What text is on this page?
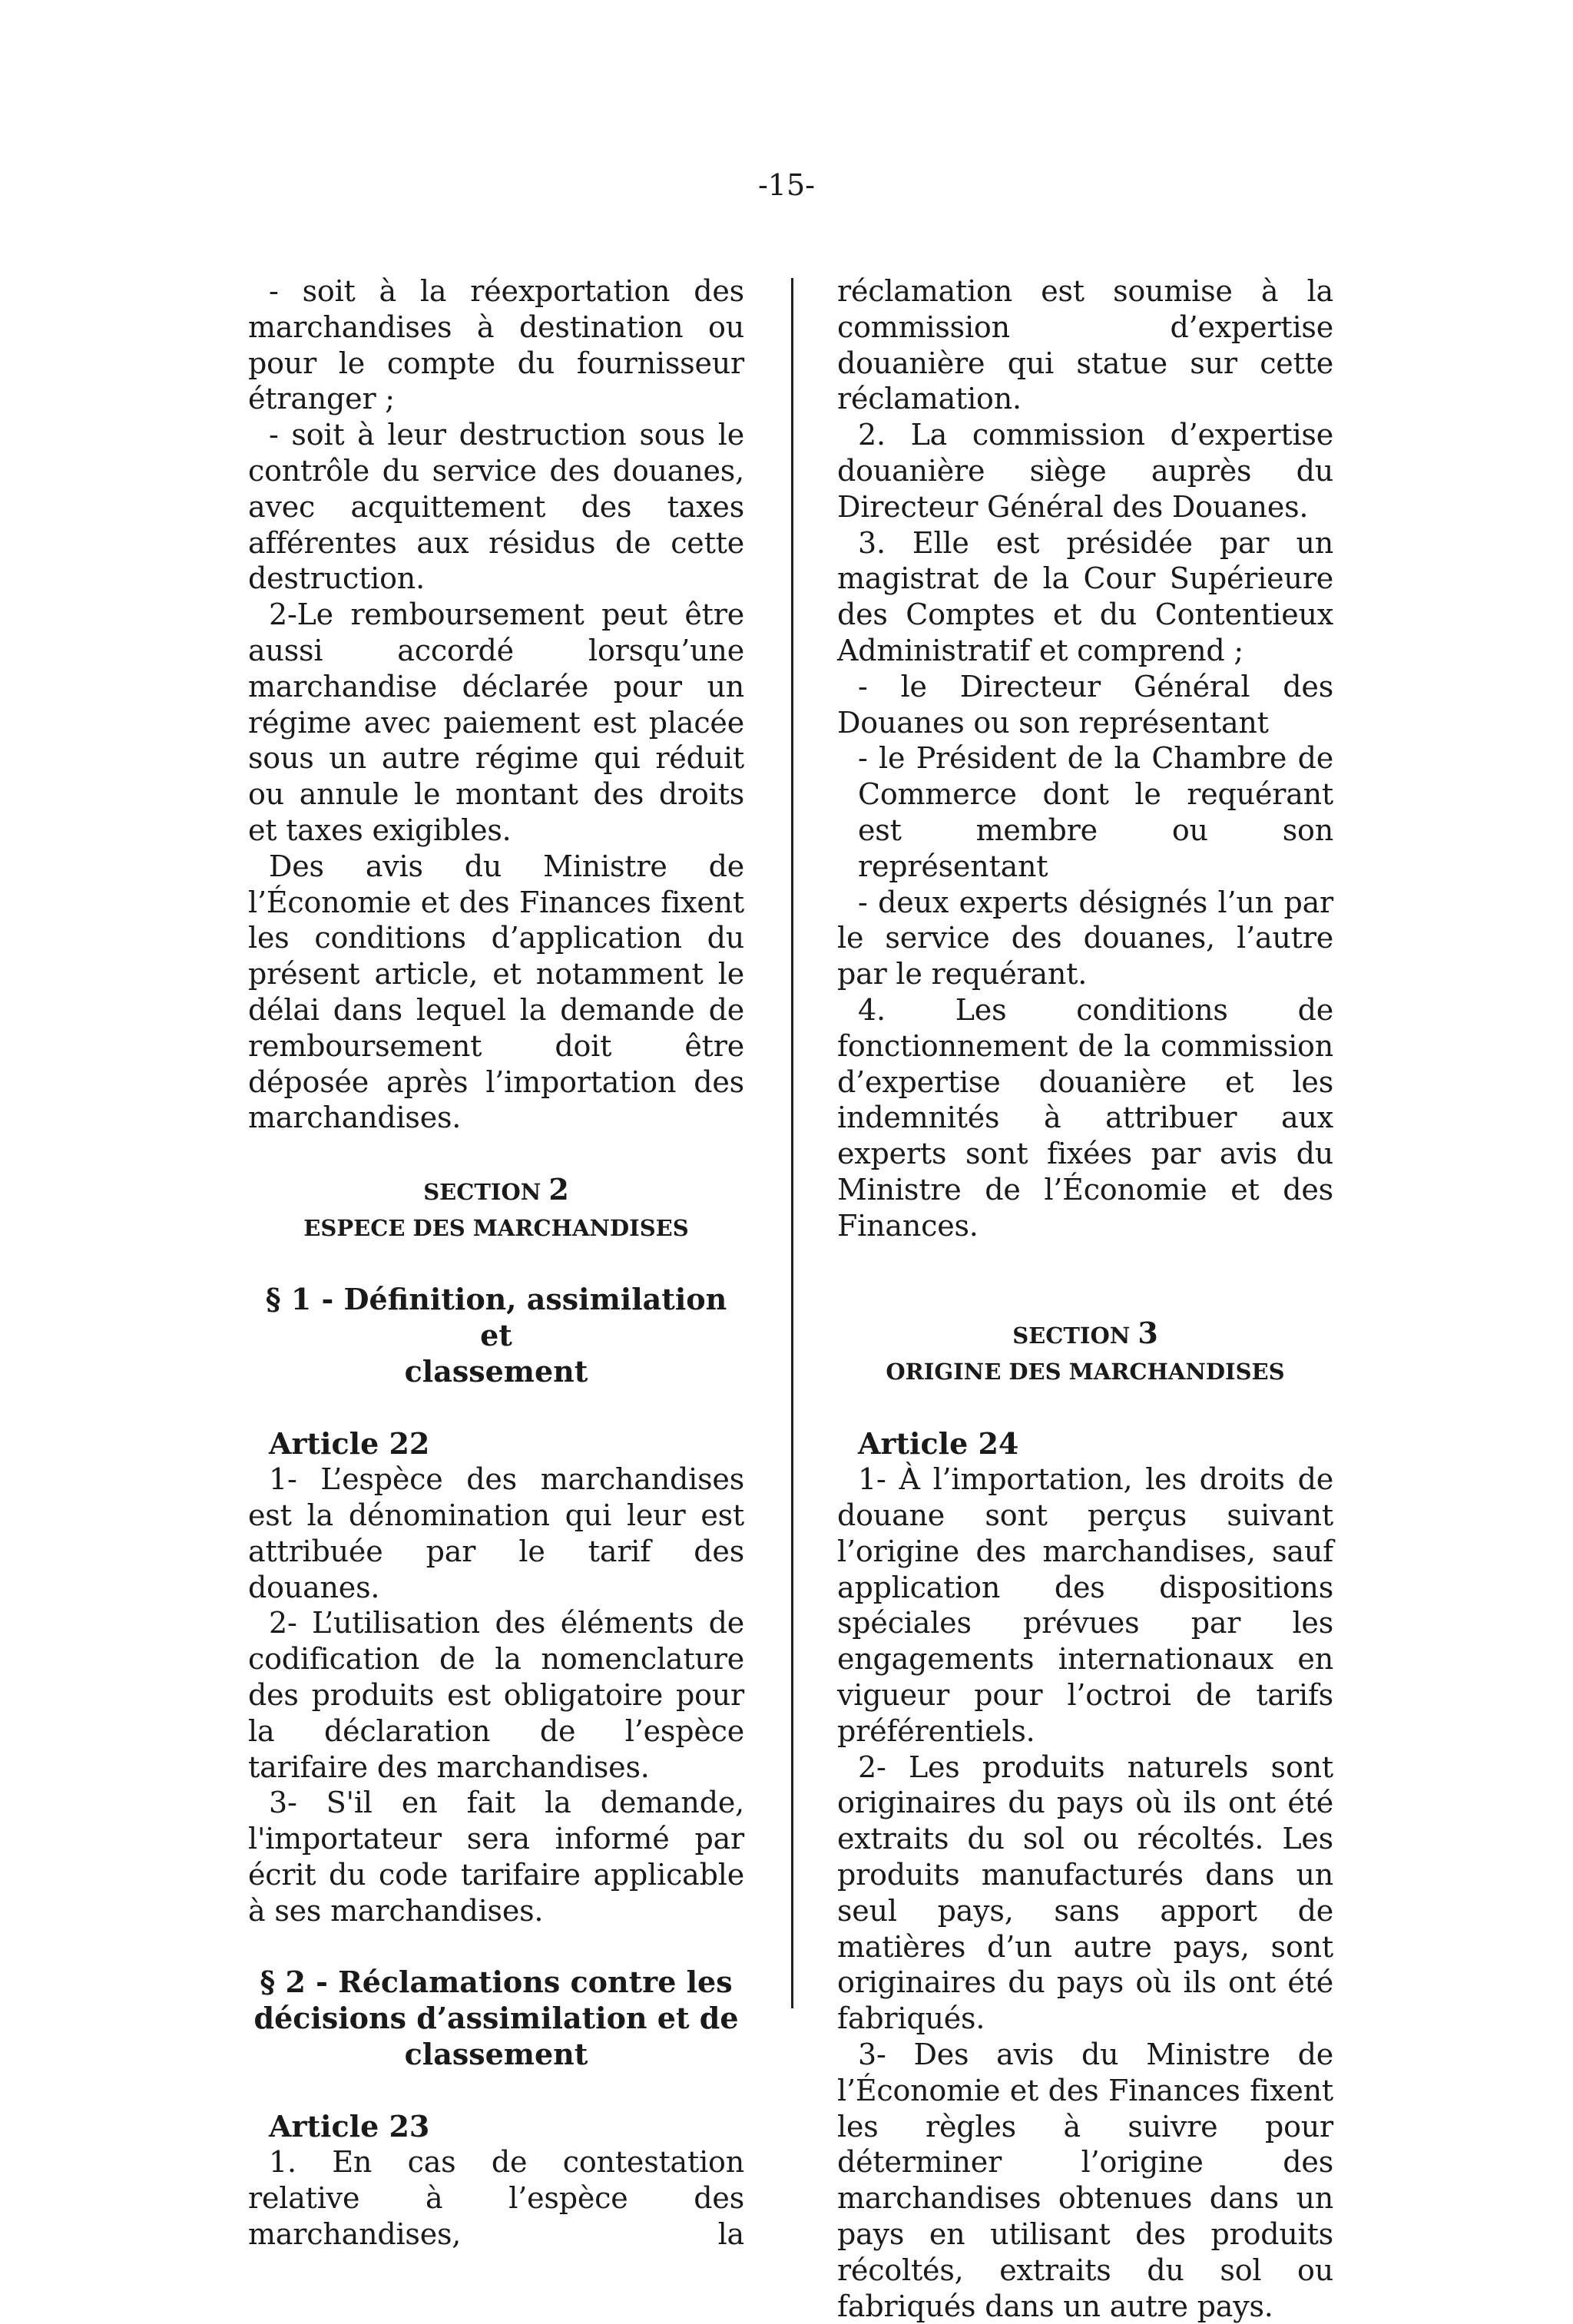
-15-

- soit à la réexportation des marchandises à destination ou pour le compte du fournisseur étranger ;

- soit à leur destruction sous le contrôle du service des douanes, avec acquittement des taxes afférentes aux résidus de cette destruction.

2-Le remboursement peut être aussi accordé lorsqu’une marchandise déclarée pour un régime avec paiement est placée sous un autre régime qui réduit ou annule le montant des droits et taxes exigibles.

Des avis du Ministre de l’Économie et des Finances fixent les conditions d’application du présent article, et notamment le délai dans lequel la demande de remboursement doit être déposée après l’importation des marchandises.

SECTION 2

ESPECE DES MARCHANDISES

§ 1 - Définition, assimilation et

classement

Article 22

1- L’espèce des marchandises est la dénomination qui leur est attribuée par le tarif des douanes.

2- L’utilisation des éléments de codification de la nomenclature des produits est obligatoire pour la déclaration de l’espèce tarifaire des marchandises.

3- S'il en fait la demande, l'importateur sera informé par écrit du code tarifaire applicable à ses marchandises.

§ 2 - Réclamations contre les

décisions d’assimilation et de

classement

Article 23

1. En cas de contestation relative à l’espèce des marchandises, la

réclamation est soumise à la commission d’expertise douanière qui statue sur cette réclamation.

2. La commission d’expertise douanière siège auprès du Directeur Général des Douanes.

3. Elle est présidée par un magistrat de la Cour Supérieure des Comptes et du Contentieux Administratif et comprend ;

- le Directeur Général des Douanes ou son représentant

- le Président de la Chambre de Commerce dont le requérant est membre ou son représentant

- deux experts désignés l’un par le service des douanes, l’autre par le requérant.

4. Les conditions de fonctionnement de la commission d’expertise douanière et les indemnités à attribuer aux experts sont fixées par avis du Ministre de l’Économie et des Finances.

SECTION 3

ORIGINE DES MARCHANDISES

Article 24

1- À l’importation, les droits de douane sont perçus suivant l’origine des marchandises, sauf application des dispositions spéciales prévues par les engagements internationaux en vigueur pour l’octroi de tarifs préférentiels.

2- Les produits naturels sont originaires du pays où ils ont été extraits du sol ou récoltés. Les produits manufacturés dans un seul pays, sans apport de matières d’un autre pays, sont originaires du pays où ils ont été fabriqués.

3- Des avis du Ministre de l’Économie et des Finances fixent les règles à suivre pour déterminer l’origine des marchandises obtenues dans un pays en utilisant des produits récoltés, extraits du sol ou fabriqués dans un autre pays.
